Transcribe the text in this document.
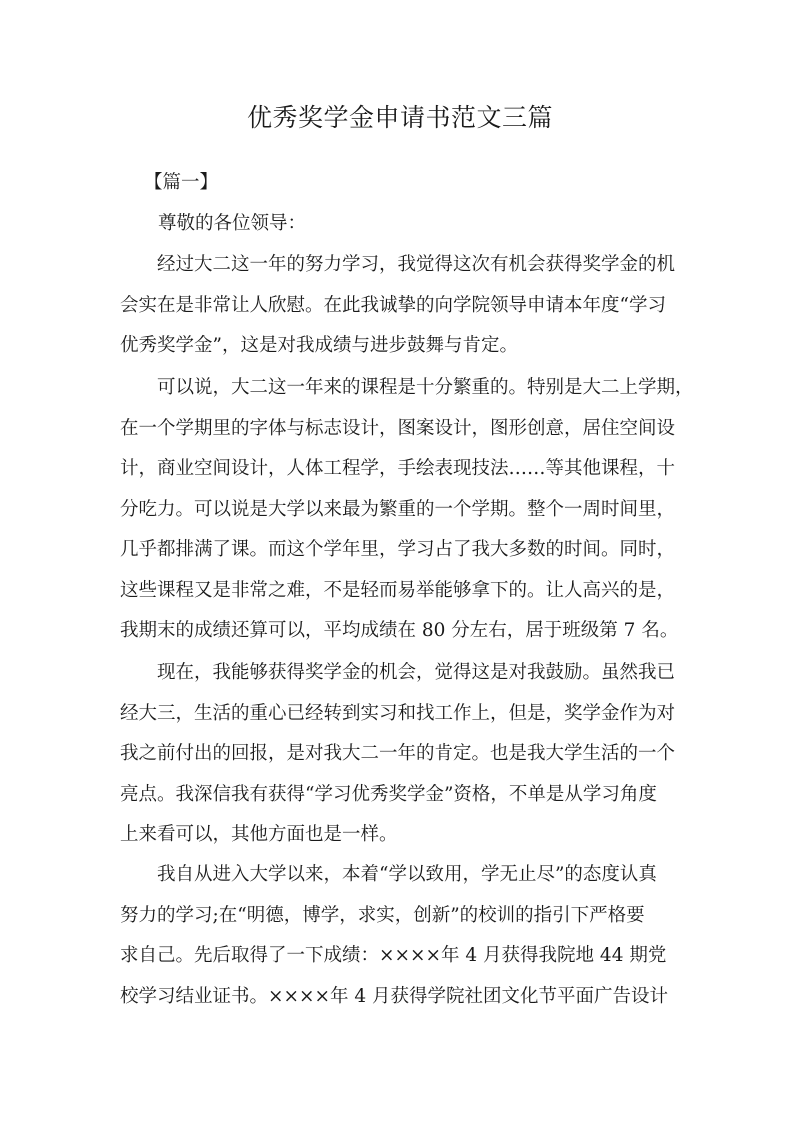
优秀奖学金申请书范文三篇
【篇一】
尊敬的各位领导：
经过大二这一年的努力学习，我觉得这次有机会获得奖学金的机
会实在是非常让人欣慰。在此我诚挚的向学院领导申请本年度“学习
优秀奖学金”，这是对我成绩与进步鼓舞与肯定。
可以说，大二这一年来的课程是十分繁重的。特别是大二上学期，
在一个学期里的字体与标志设计，图案设计，图形创意，居住空间设
计，商业空间设计，人体工程学，手绘表现技法……等其他课程，十
分吃力。可以说是大学以来最为繁重的一个学期。整个一周时间里，
几乎都排满了课。而这个学年里，学习占了我大多数的时间。同时，
这些课程又是非常之难，不是轻而易举能够拿下的。让人高兴的是，
我期末的成绩还算可以，平均成绩在 80 分左右，居于班级第 7 名。
现在，我能够获得奖学金的机会，觉得这是对我鼓励。虽然我已
经大三，生活的重心已经转到实习和找工作上，但是，奖学金作为对
我之前付出的回报，是对我大二一年的肯定。也是我大学生活的一个
亮点。我深信我有获得“学习优秀奖学金”资格，不单是从学习角度
上来看可以，其他方面也是一样。
我自从进入大学以来，本着“学以致用，学无止尽”的态度认真
努力的学习;在“明德，博学，求实，创新”的校训的指引下严格要
求自己。先后取得了一下成绩：××××年 4 月获得我院地 44 期党
校学习结业证书。××××年 4 月获得学院社团文化节平面广告设计
